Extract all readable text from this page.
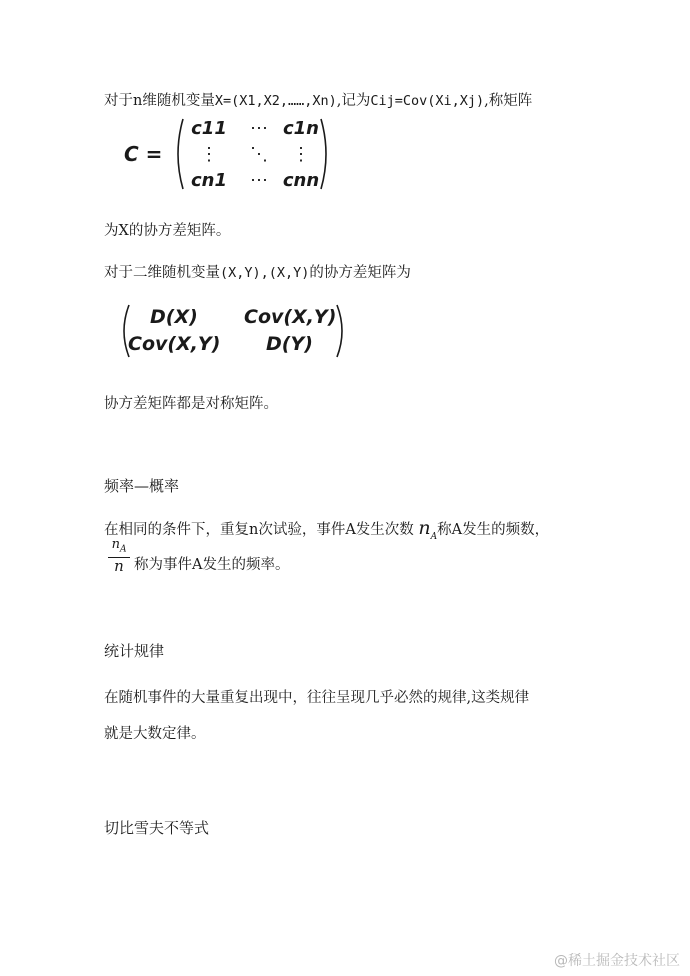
对于n维随机变量X=(X1,X2,……,Xn),记为Cij=Cov(Xi,Xj),称矩阵
C =
c11	⋯ c1n
⋮	⋱	⋮
cn1	⋯ cnn
为X的协方差矩阵。
对于二维随机变量(X,Y),(X,Y)的协方差矩阵为
D(X) Cov(X,Y)
Cov(X,Y) D(Y)
协方差矩阵都是对称矩阵。
频率—概率
在相同的条件下，重复n次试验，事件A发生次数 $n_A$称A发生的频数，
$\frac{n_A}{n}$ 称为事件A发生的频率。
统计规律
在随机事件的大量重复出现中，往往呈现几乎必然的规律,这类规律
就是大数定律。
切比雪夫不等式
@稀土掘金技术社区
